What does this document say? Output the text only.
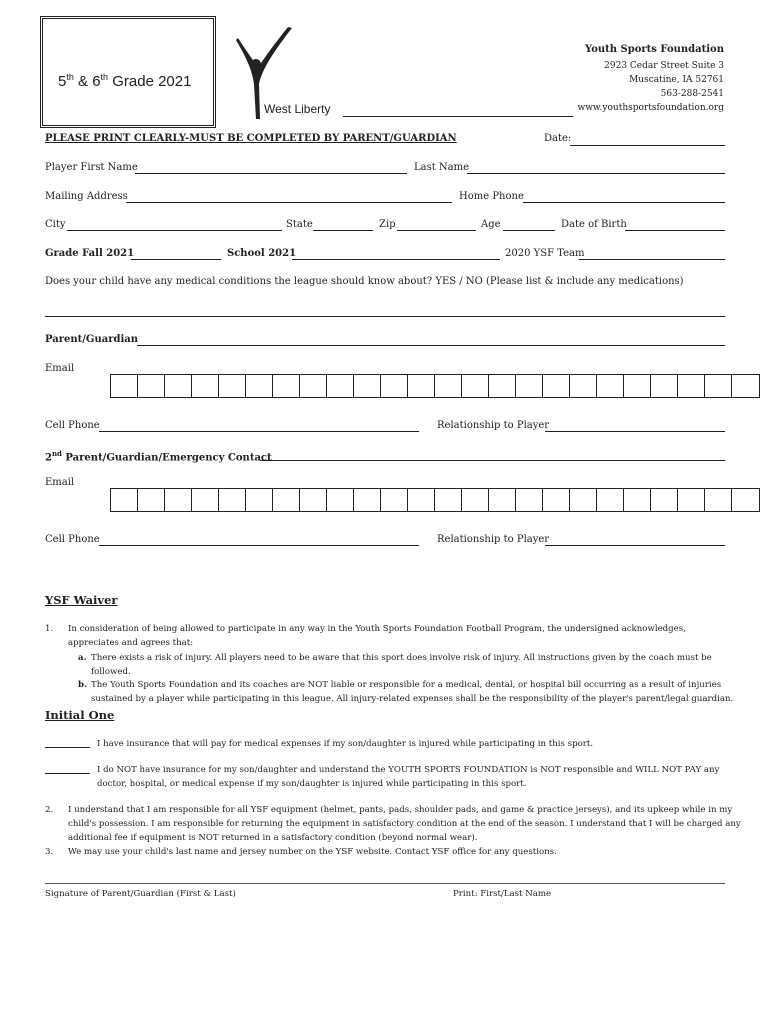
5th & 6th Grade 2021
West Liberty
Youth Sports Foundation
2923 Cedar Street Suite 3
Muscatine, IA 52761
563-288-2541
www.youthsportsfoundation.org
PLEASE PRINT CLEARLY-MUST BE COMPLETED BY PARENT/GUARDIAN	Date:
Player First Name	Last Name
Mailing Address	Home Phone
City	State	Zip	Age	Date of Birth
Grade Fall 2021	School 2021	2020 YSF Team
Does your child have any medical conditions the league should know about? YES / NO (Please list & include any medications)
Parent/Guardian
Email
Cell Phone	Relationship to Player
2nd Parent/Guardian/Emergency Contact
Email
Cell Phone	Relationship to Player
YSF Waiver
1. In consideration of being allowed to participate in any way in the Youth Sports Foundation Football Program, the undersigned acknowledges,
appreciates and agrees that:
a. There exists a risk of injury. All players need to be aware that this sport does involve risk of injury. All instructions given by the coach must be
followed.
b. The Youth Sports Foundation and its coaches are NOT liable or responsible for a medical, dental, or hospital bill occurring as a result of injuries
sustained by a player while participating in this league. All injury-related expenses shall be the responsibility of the player's parent/legal guardian.
Initial One
I have insurance that will pay for medical expenses if my son/daughter is injured while participating in this sport.
I do NOT have insurance for my son/daughter and understand the YOUTH SPORTS FOUNDATION is NOT responsible and WILL NOT PAY any
doctor, hospital, or medical expense if my son/daughter is injured while participating in this sport.
2. I understand that I am responsible for all YSF equipment (helmet, pants, pads, shoulder pads, and game & practice jerseys), and its upkeep while in my
child's possession. I am responsible for returning the equipment in satisfactory condition at the end of the season. I understand that I will be charged any
additional fee if equipment is NOT returned in a satisfactory condition (beyond normal wear).
3. We may use your child's last name and jersey number on the YSF website. Contact YSF office for any questions.
Signature of Parent/Guardian (First & Last)	Print: First/Last Name
